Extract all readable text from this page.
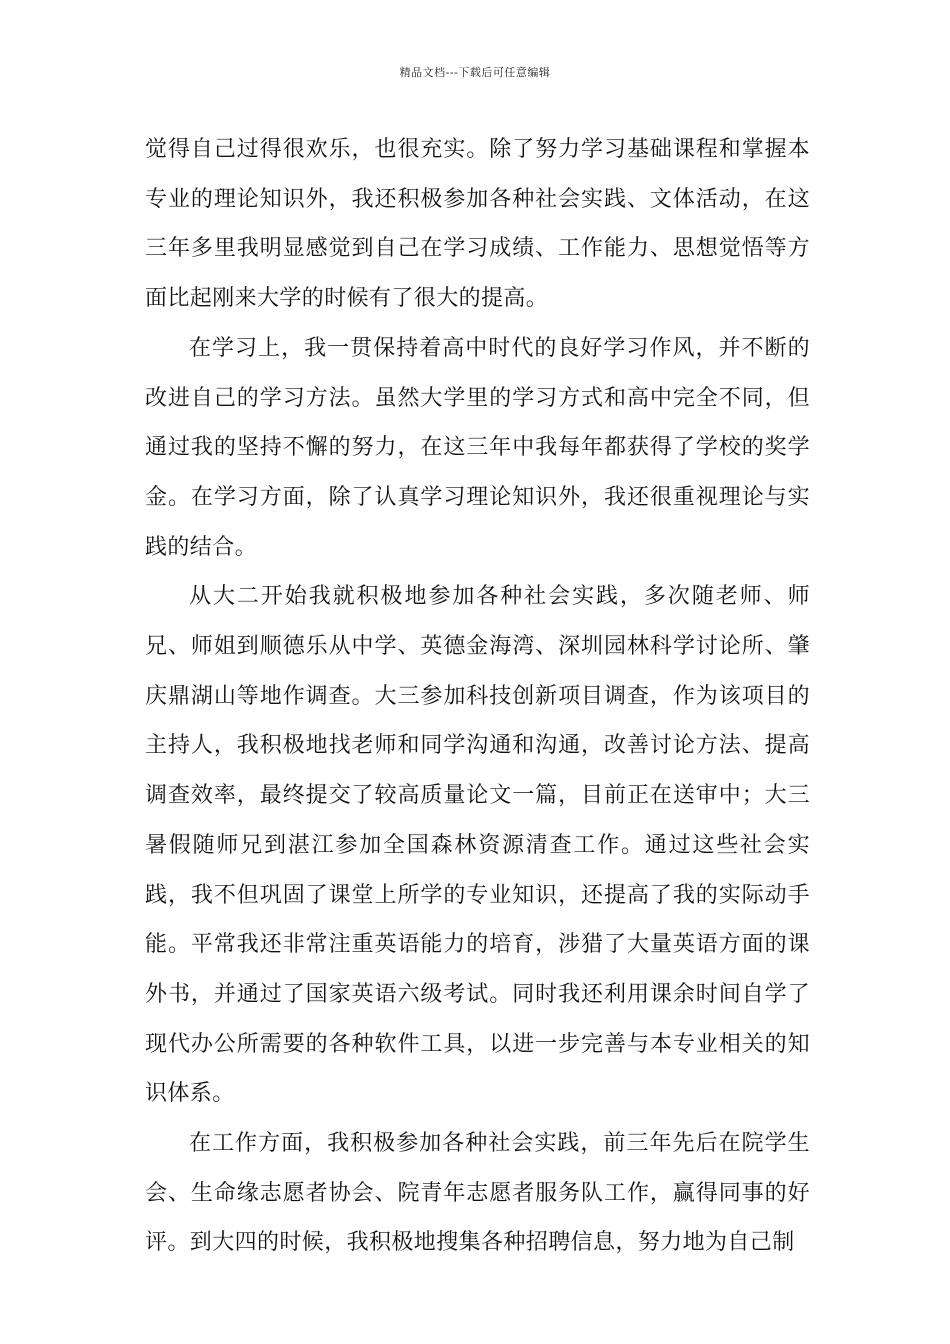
精品文档---下载后可任意编辑

觉得自己过得很欢乐，也很充实。除了努力学习基础课程和掌握本专业的理论知识外，我还积极参加各种社会实践、文体活动，在这三年多里我明显感觉到自己在学习成绩、工作能力、思想觉悟等方面比起刚来大学的时候有了很大的提高。

在学习上，我一贯保持着高中时代的良好学习作风，并不断的改进自己的学习方法。虽然大学里的学习方式和高中完全不同，但通过我的坚持不懈的努力，在这三年中我每年都获得了学校的奖学金。在学习方面，除了认真学习理论知识外，我还很重视理论与实践的结合。

从大二开始我就积极地参加各种社会实践，多次随老师、师兄、师姐到顺德乐从中学、英德金海湾、深圳园林科学讨论所、肇庆鼎湖山等地作调查。大三参加科技创新项目调查，作为该项目的主持人，我积极地找老师和同学沟通和沟通，改善讨论方法、提高调查效率，最终提交了较高质量论文一篇，目前正在送审中；大三暑假随师兄到湛江参加全国森林资源清查工作。通过这些社会实践，我不但巩固了课堂上所学的专业知识，还提高了我的实际动手能。平常我还非常注重英语能力的培育，涉猎了大量英语方面的课外书，并通过了国家英语六级考试。同时我还利用课余时间自学了现代办公所需要的各种软件工具，以进一步完善与本专业相关的知识体系。

在工作方面，我积极参加各种社会实践，前三年先后在院学生会、生命缘志愿者协会、院青年志愿者服务队工作，赢得同事的好评。到大四的时候，我积极地搜集各种招聘信息，努力地为自己制
